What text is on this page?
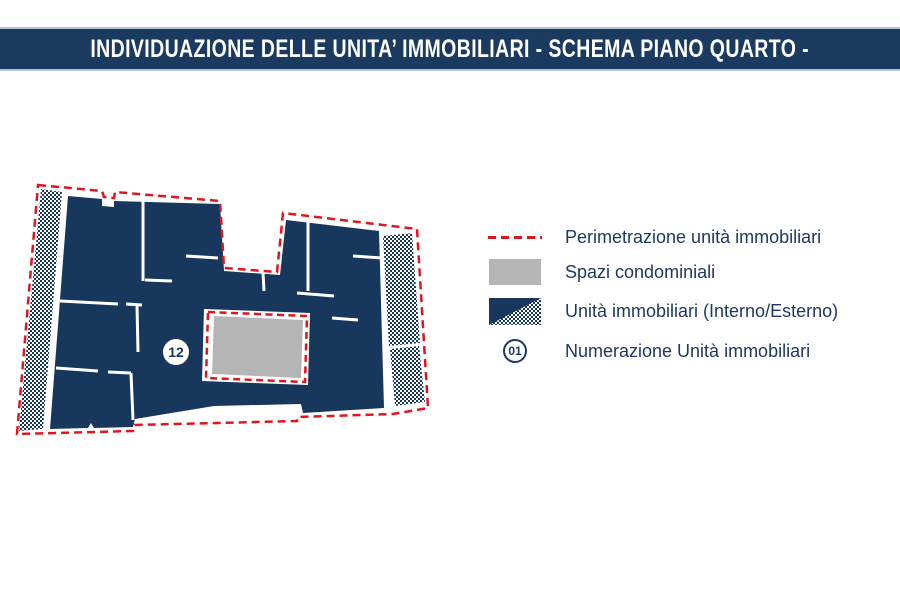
INDIVIDUAZIONE DELLE UNITA’ IMMOBILIARI - SCHEMA PIANO QUARTO -
12
Perimetrazione unità immobiliari
Spazi condominiali
Unità immobiliari (Interno/Esterno)
01 Numerazione Unità immobiliari
